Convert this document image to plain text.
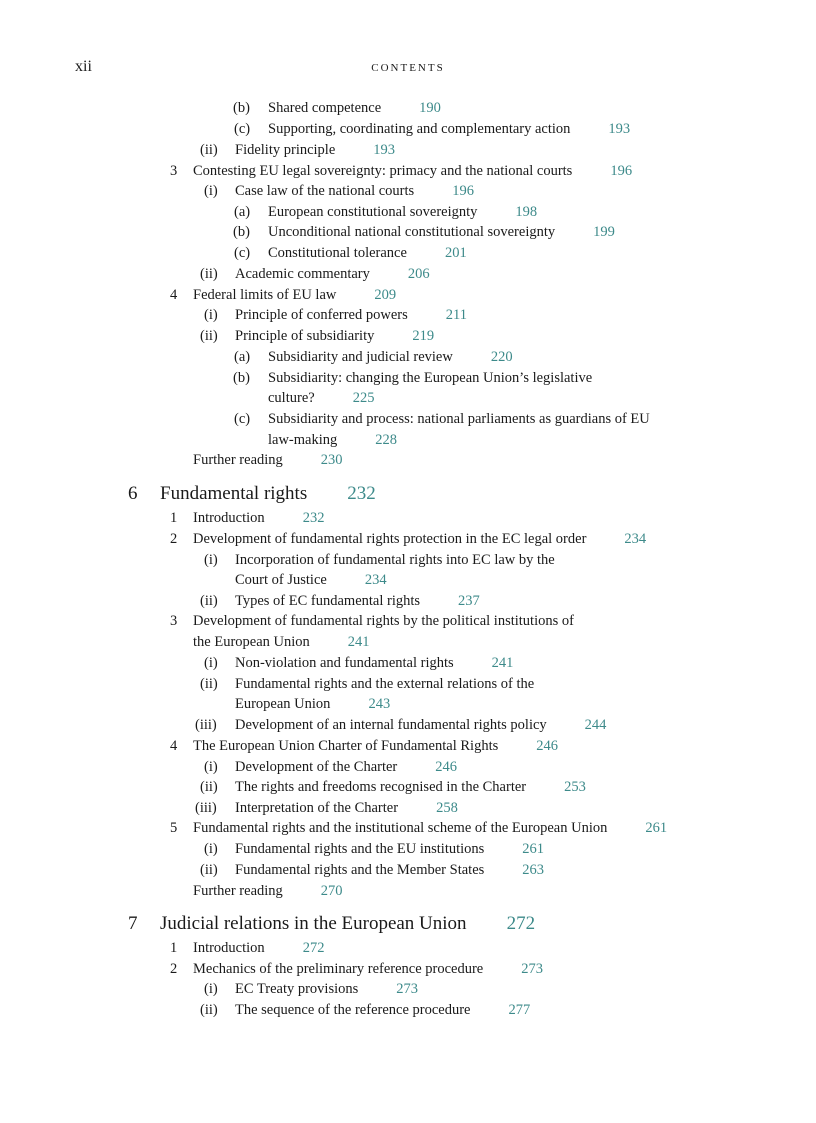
xii	CONTENTS
(b) Shared competence	190
(c) Supporting, coordinating and complementary action	193
(ii) Fidelity principle	193
3 Contesting EU legal sovereignty: primacy and the national courts	196
(i) Case law of the national courts	196
(a) European constitutional sovereignty	198
(b) Unconditional national constitutional sovereignty	199
(c) Constitutional tolerance	201
(ii) Academic commentary	206
4 Federal limits of EU law	209
(i) Principle of conferred powers	211
(ii) Principle of subsidiarity	219
(a) Subsidiarity and judicial review	220
(b) Subsidiarity: changing the European Union’s legislative
culture?	225
(c) Subsidiarity and process: national parliaments as guardians of EU
law-making	228
Further reading	230
6 Fundamental rights 232
1 Introduction	232
2 Development of fundamental rights protection in the EC legal order	234
(i) Incorporation of fundamental rights into EC law by the
Court of Justice	234
(ii) Types of EC fundamental rights	237
3 Development of fundamental rights by the political institutions of
the European Union	241
(i) Non-violation and fundamental rights	241
(ii) Fundamental rights and the external relations of the
European Union	243
(iii) Development of an internal fundamental rights policy	244
4 The European Union Charter of Fundamental Rights	246
(i) Development of the Charter	246
(ii) The rights and freedoms recognised in the Charter	253
(iii) Interpretation of the Charter	258
5 Fundamental rights and the institutional scheme of the European Union	261
(i) Fundamental rights and the EU institutions	261
(ii) Fundamental rights and the Member States	263
Further reading	270
7 Judicial relations in the European Union 272
1 Introduction	272
2 Mechanics of the preliminary reference procedure	273
(i) EC Treaty provisions	273
(ii) The sequence of the reference procedure	277
